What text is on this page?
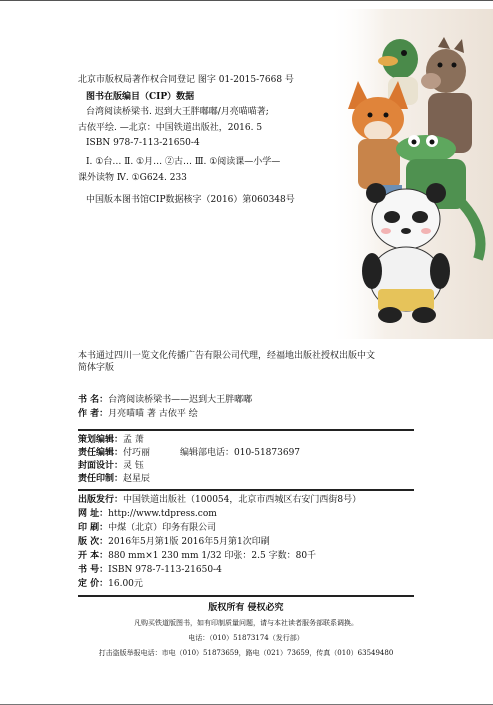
北京市版权局著作权合同登记 图字 01-2015-7668 号
图书在版编目（CIP）数据
台湾阅读桥梁书. 迟到大王胖嘟嘟/月亮喵喵著;
古依平绘. —北京：中国铁道出版社，2016. 5
ISBN 978-7-113-21650-4
Ⅰ. ①台… Ⅱ. ①月… ②古… Ⅲ. ①阅读课—小学—
课外读物 Ⅳ. ①G624. 233
中国版本图书馆CIP数据核字（2016）第060348号
本书通过四川一览文化传播广告有限公司代理，经福地出版社授权出版中文
简体字版
书 名：台湾阅读桥梁书——迟到大王胖嘟嘟
作 者：月亮喵喵 著 古依平 绘
策划编辑：孟 萧
责任编辑：付巧丽	编辑部电话：010-51873697
封面设计：灵 钰
责任印制：赵星辰
出版发行：中国铁道出版社（100054，北京市西城区右安门西街8号）
网 址：http://www.tdpress.com
印 刷：中煤（北京）印务有限公司
版 次：2016年5月第1版 2016年5月第1次印刷
开 本：880 mm×1 230 mm 1/32 印张：2.5 字数：80千
书 号：ISBN 978-7-113-21650-4
定 价：16.00元
版权所有 侵权必究
凡购买铁道版图书，如有印制质量问题，请与本社读者服务部联系调换。
电话：（010）51873174（发行部）
打击盗版举报电话：市电（010）51873659，路电（021）73659，传真（010）63549480
